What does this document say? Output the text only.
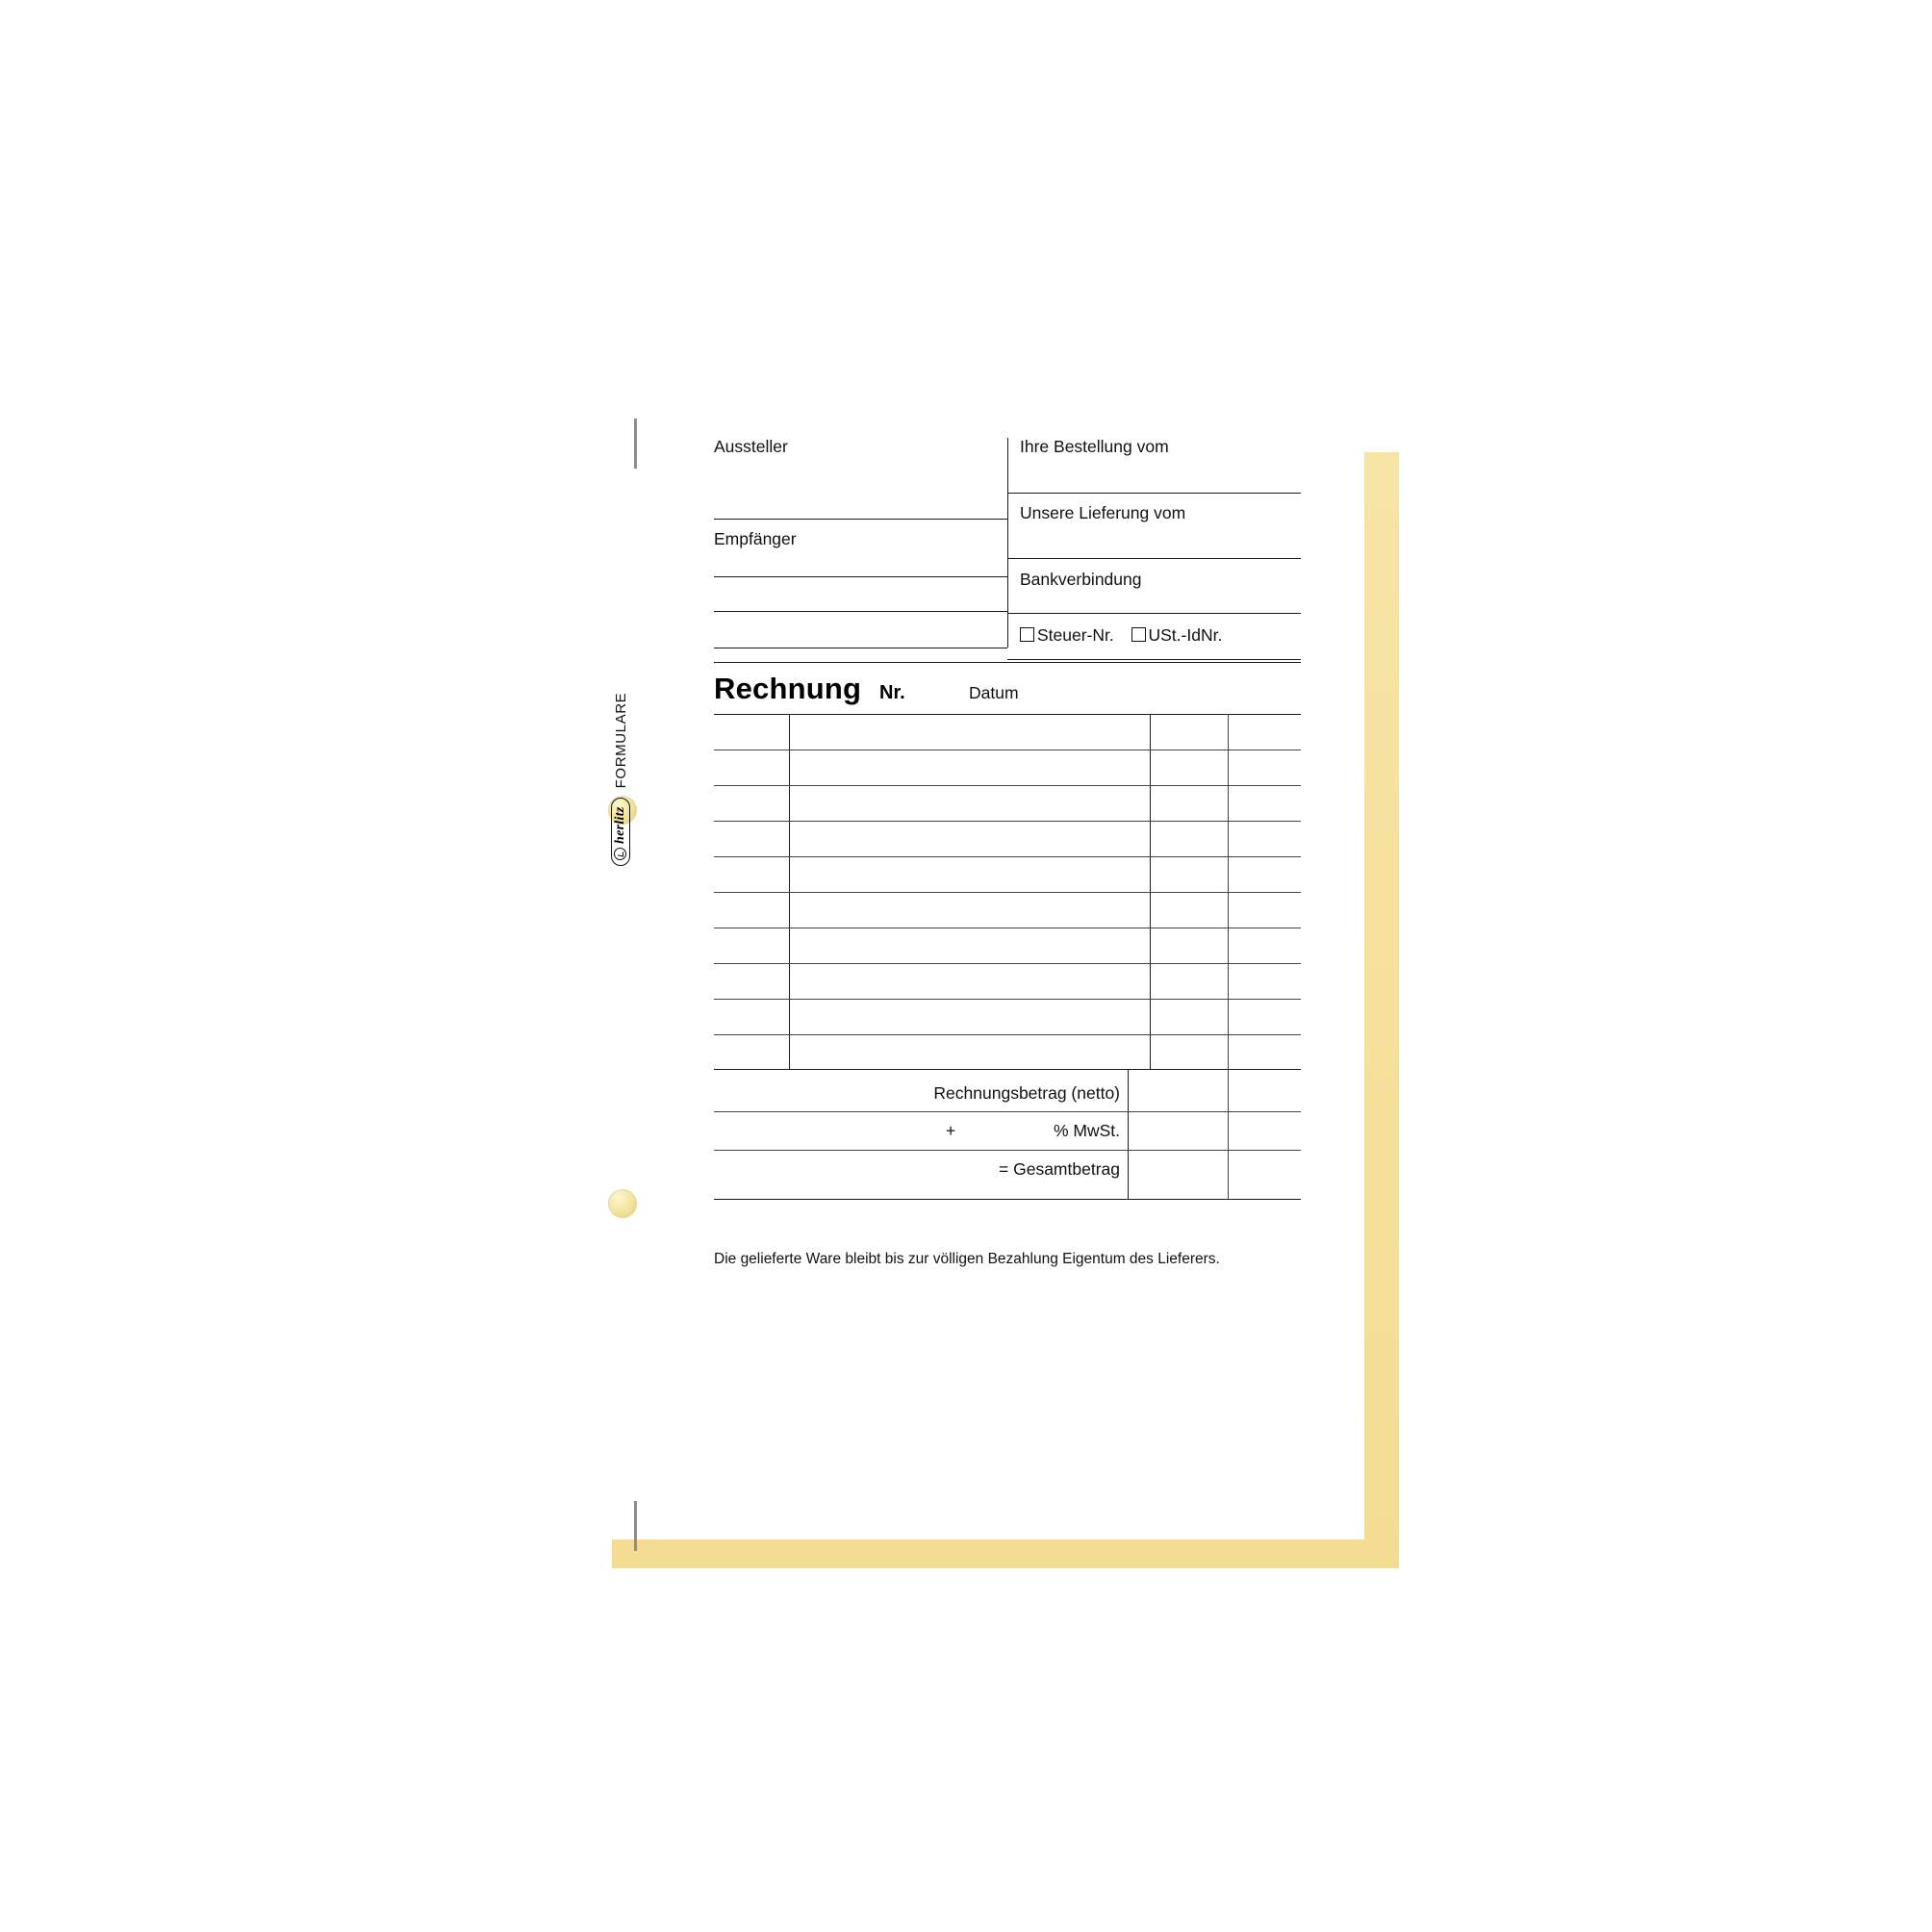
herlitz
FORMULARE
Aussteller
Empfänger
Ihre Bestellung vom
Unsere Lieferung vom
Bankverbindung
Steuer-Nr. USt.-IdNr.
Rechnung Nr.	Datum
Rechnungsbetrag (netto)
+	% MwSt.
= Gesamtbetrag
Die gelieferte Ware bleibt bis zur völligen Bezahlung Eigentum des Lieferers.
